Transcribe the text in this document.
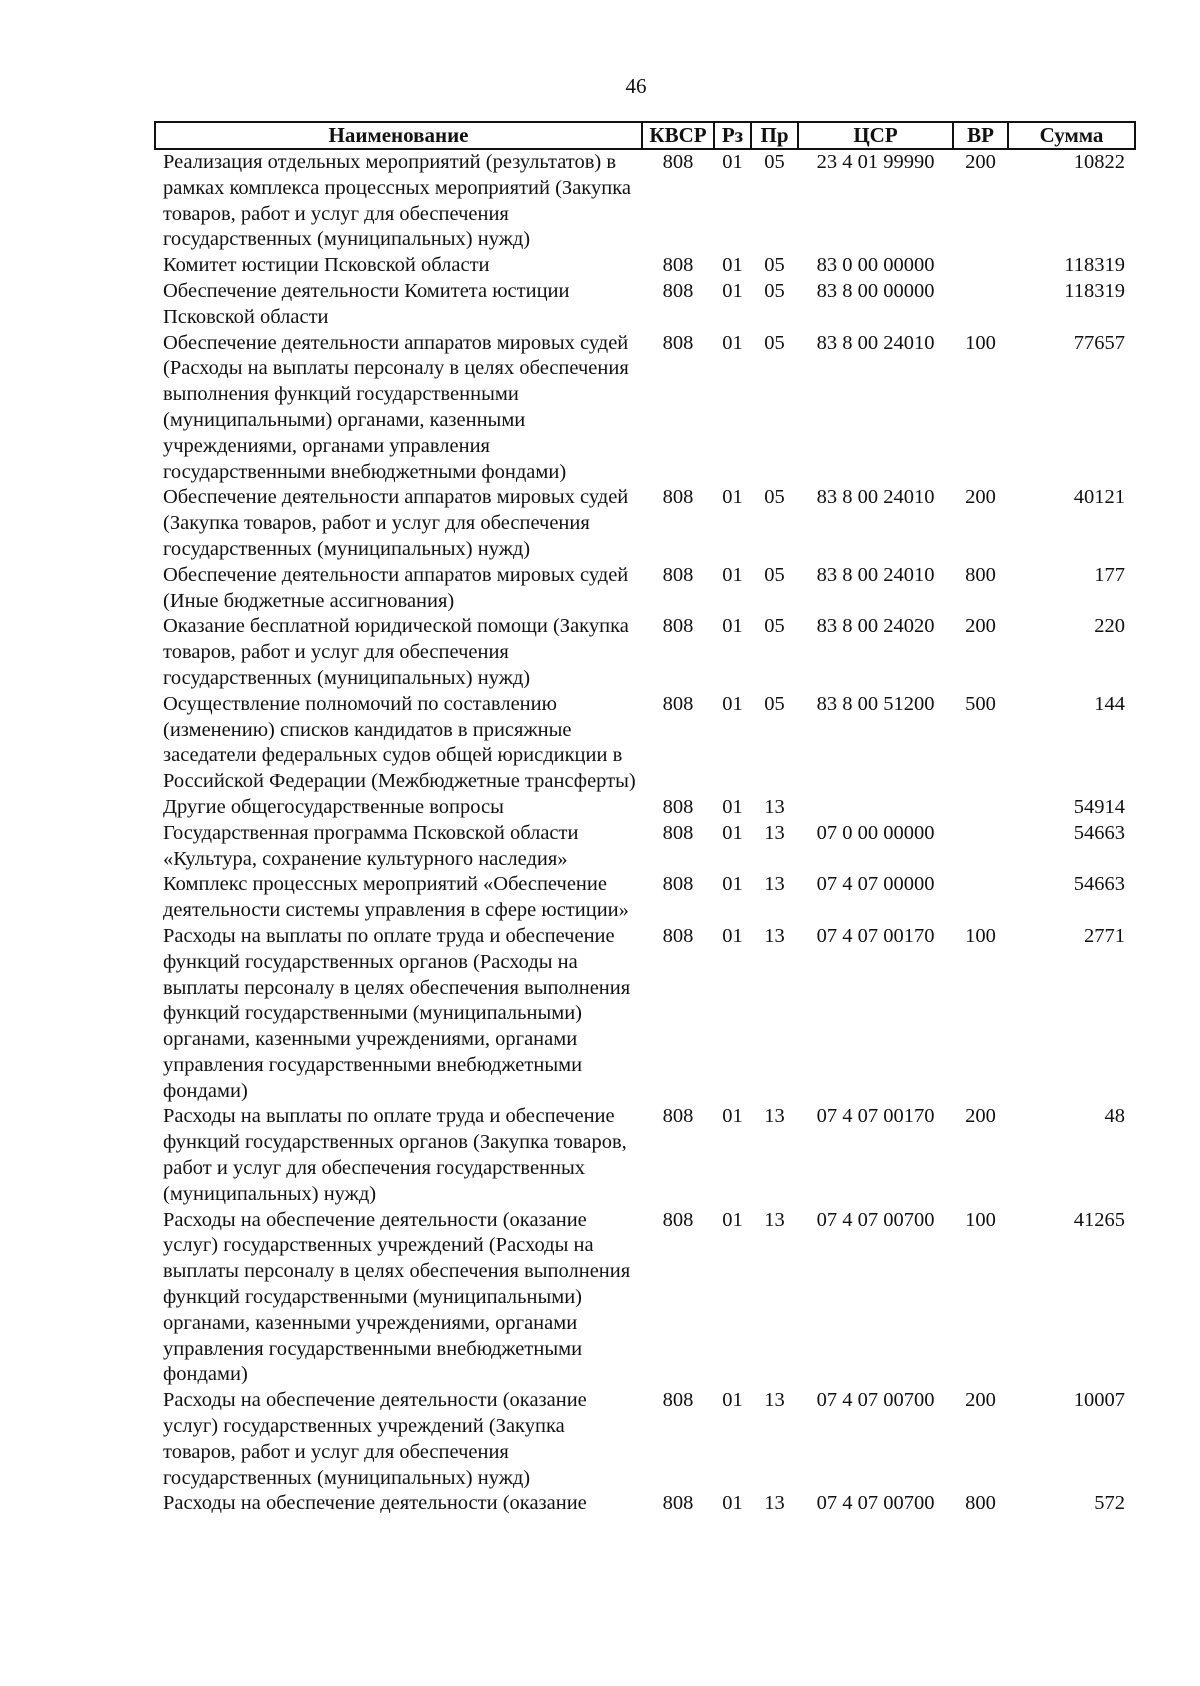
46
Наименование	КВСР	Рз	Пр	ЦСР	ВР	Сумма
Реализация отдельных мероприятий (результатов) в рамках комплекса процессных мероприятий (Закупка товаров, работ и услуг для обеспечения государственных (муниципальных) нужд)	808	01	05	23 4 01 99990	200	10822
Комитет юстиции Псковской области	808	01	05	83 0 00 00000		118319
Обеспечение деятельности Комитета юстиции Псковской области	808	01	05	83 8 00 00000		118319
Обеспечение деятельности аппаратов мировых судей (Расходы на выплаты персоналу в целях обеспечения выполнения функций государственными (муниципальными) органами, казенными учреждениями, органами управления государственными внебюджетными фондами)	808	01	05	83 8 00 24010	100	77657
Обеспечение деятельности аппаратов мировых судей (Закупка товаров, работ и услуг для обеспечения государственных (муниципальных) нужд)	808	01	05	83 8 00 24010	200	40121
Обеспечение деятельности аппаратов мировых судей (Иные бюджетные ассигнования)	808	01	05	83 8 00 24010	800	177
Оказание бесплатной юридической помощи (Закупка товаров, работ и услуг для обеспечения государственных (муниципальных) нужд)	808	01	05	83 8 00 24020	200	220
Осуществление полномочий по составлению (изменению) списков кандидатов в присяжные заседатели федеральных судов общей юрисдикции в Российской Федерации (Межбюджетные трансферты)	808	01	05	83 8 00 51200	500	144
Другие общегосударственные вопросы	808	01	13			54914
Государственная программа Псковской области «Культура, сохранение культурного наследия»	808	01	13	07 0 00 00000		54663
Комплекс процессных мероприятий «Обеспечение деятельности системы управления в сфере юстиции»	808	01	13	07 4 07 00000		54663
Расходы на выплаты по оплате труда и обеспечение функций государственных органов (Расходы на выплаты персоналу в целях обеспечения выполнения функций государственными (муниципальными) органами, казенными учреждениями, органами управления государственными внебюджетными фондами)	808	01	13	07 4 07 00170	100	2771
Расходы на выплаты по оплате труда и обеспечение функций государственных органов (Закупка товаров, работ и услуг для обеспечения государственных (муниципальных) нужд)	808	01	13	07 4 07 00170	200	48
Расходы на обеспечение деятельности (оказание услуг) государственных учреждений (Расходы на выплаты персоналу в целях обеспечения выполнения функций государственными (муниципальными) органами, казенными учреждениями, органами управления государственными внебюджетными фондами)	808	01	13	07 4 07 00700	100	41265
Расходы на обеспечение деятельности (оказание услуг) государственных учреждений (Закупка товаров, работ и услуг для обеспечения государственных (муниципальных) нужд)	808	01	13	07 4 07 00700	200	10007
Расходы на обеспечение деятельности (оказание	808	01	13	07 4 07 00700	800	572
